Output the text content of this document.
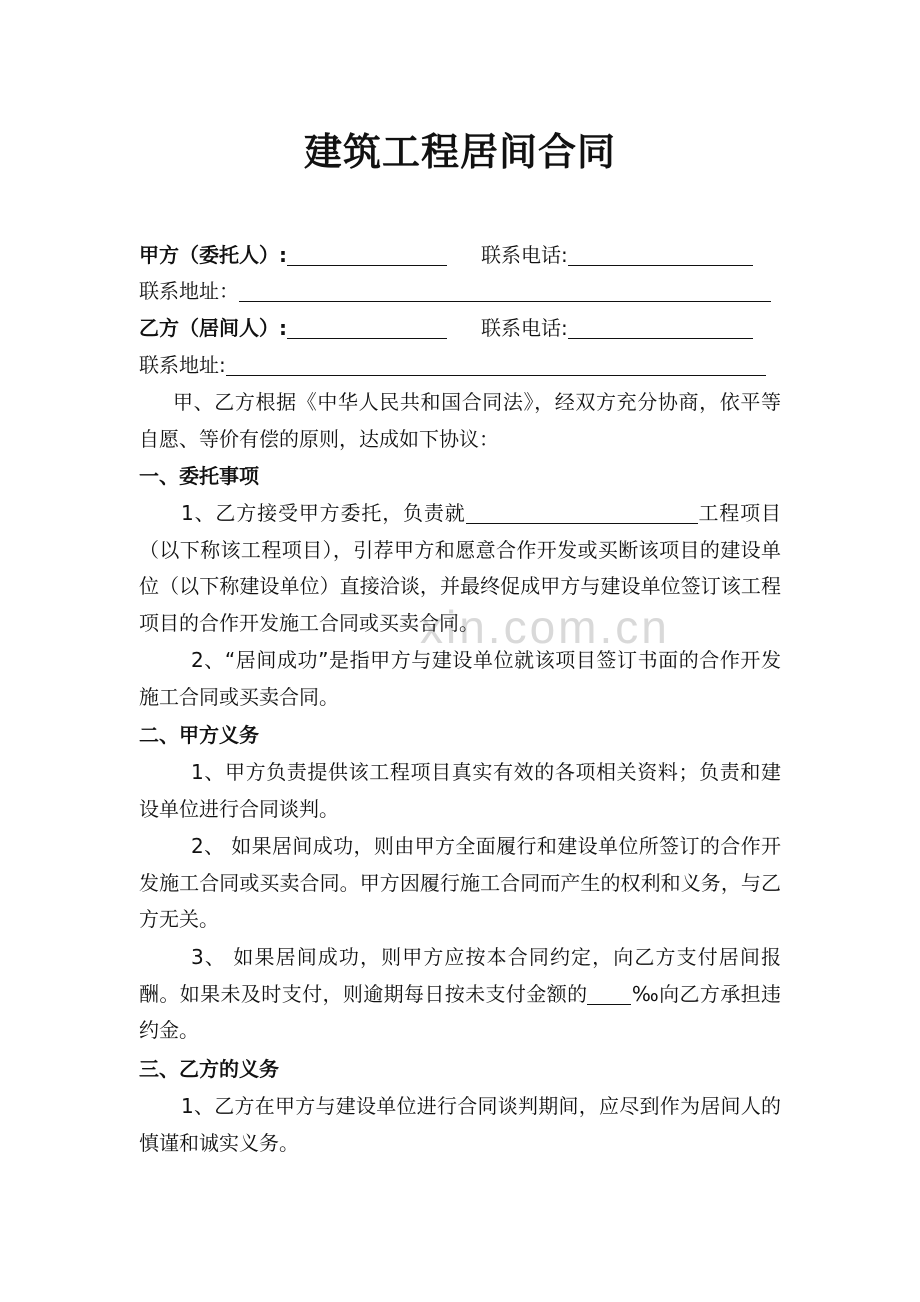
xin.com.cn
建筑工程居间合同
甲方（委托人）:	联系电话:
联系地址：
乙方（居间人）:	联系电话:
联系地址:
甲、乙方根据《中华人民共和国合同法》，经双方充分协商，依平等自愿、等价有偿的原则，达成如下协议：
一、委托事项
1、乙方接受甲方委托，负责就	工程项目（以下称该工程项目），引荐甲方和愿意合作开发或买断该项目的建设单位（以下称建设单位）直接洽谈，并最终促成甲方与建设单位签订该工程项目的合作开发施工合同或买卖合同。
2、“居间成功”是指甲方与建设单位就该项目签订书面的合作开发施工合同或买卖合同。
二、甲方义务
1、甲方负责提供该工程项目真实有效的各项相关资料；负责和建设单位进行合同谈判。
2、 如果居间成功，则由甲方全面履行和建设单位所签订的合作开发施工合同或买卖合同。甲方因履行施工合同而产生的权利和义务，与乙方无关。
3、 如果居间成功，则甲方应按本合同约定，向乙方支付居间报酬。如果未及时支付，则逾期每日按未支付金额的 ‰向乙方承担违约金。
三、乙方的义务
1、乙方在甲方与建设单位进行合同谈判期间，应尽到作为居间人的慎谨和诚实义务。
